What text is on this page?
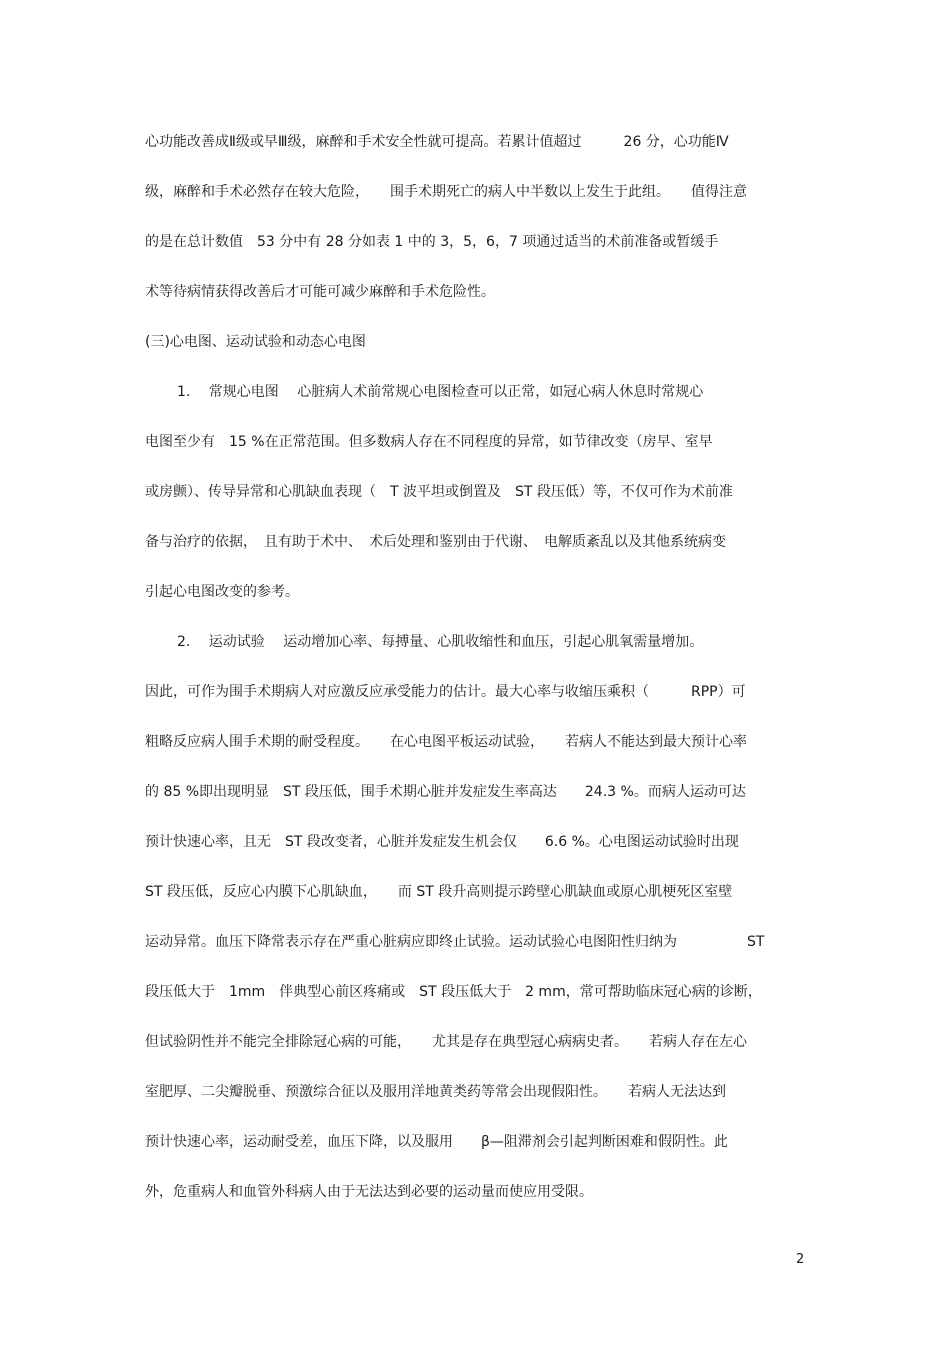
心功能改善成Ⅱ级或早Ⅲ级，麻醉和手术安全性就可提高。若累计值超过　　　26 分，心功能Ⅳ
级，麻醉和手术必然存在较大危险，　　围手术期死亡的病人中半数以上发生于此组。　　值得注意
的是在总计数值　53 分中有 28 分如表 1 中的 3，5，6，7 项通过适当的术前准备或暂缓手
术等待病情获得改善后才可能可减少麻醉和手术危险性。
(三)心电图、运动试验和动态心电图
1.　 常规心电图　 心脏病人术前常规心电图检查可以正常，如冠心病人休息时常规心
电图至少有　15 %在正常范围。但多数病人存在不同程度的异常，如节律改变（房早、室早
或房颤）、传导异常和心肌缺血表现（　T 波平坦或倒置及　ST 段压低）等，不仅可作为术前准
备与治疗的依据，　且有助于术中、　术后处理和鉴别由于代谢、　电解质紊乱以及其他系统病变
引起心电图改变的参考。
2.　 运动试验　 运动增加心率、每搏量、心肌收缩性和血压，引起心肌氧需量增加。
因此，可作为围手术期病人对应激反应承受能力的估计。最大心率与收缩压乘积（　　　RPP）可
粗略反应病人围手术期的耐受程度。　　在心电图平板运动试验，　　若病人不能达到最大预计心率
的 85 %即出现明显　ST 段压低，围手术期心脏并发症发生率高达　　24.3 %。而病人运动可达
预计快速心率，且无　ST 段改变者，心脏并发症发生机会仅　　6.6 %。心电图运动试验时出现
ST 段压低，反应心内膜下心肌缺血，　　而 ST 段升高则提示跨壁心肌缺血或原心肌梗死区室壁
运动异常。血压下降常表示存在严重心脏病应即终止试验。运动试验心电图阳性归纳为　　　　　ST
段压低大于　1mm　伴典型心前区疼痛或　ST 段压低大于　2 mm，常可帮助临床冠心病的诊断，
但试验阴性并不能完全排除冠心病的可能，　　尤其是存在典型冠心病病史者。　　若病人存在左心
室肥厚、二尖瓣脱垂、预激综合征以及服用洋地黄类药等常会出现假阳性。　　若病人无法达到
预计快速心率，运动耐受差，血压下降，以及服用　　β—阻滞剂会引起判断困难和假阴性。此
外，危重病人和血管外科病人由于无法达到必要的运动量而使应用受限。
2
